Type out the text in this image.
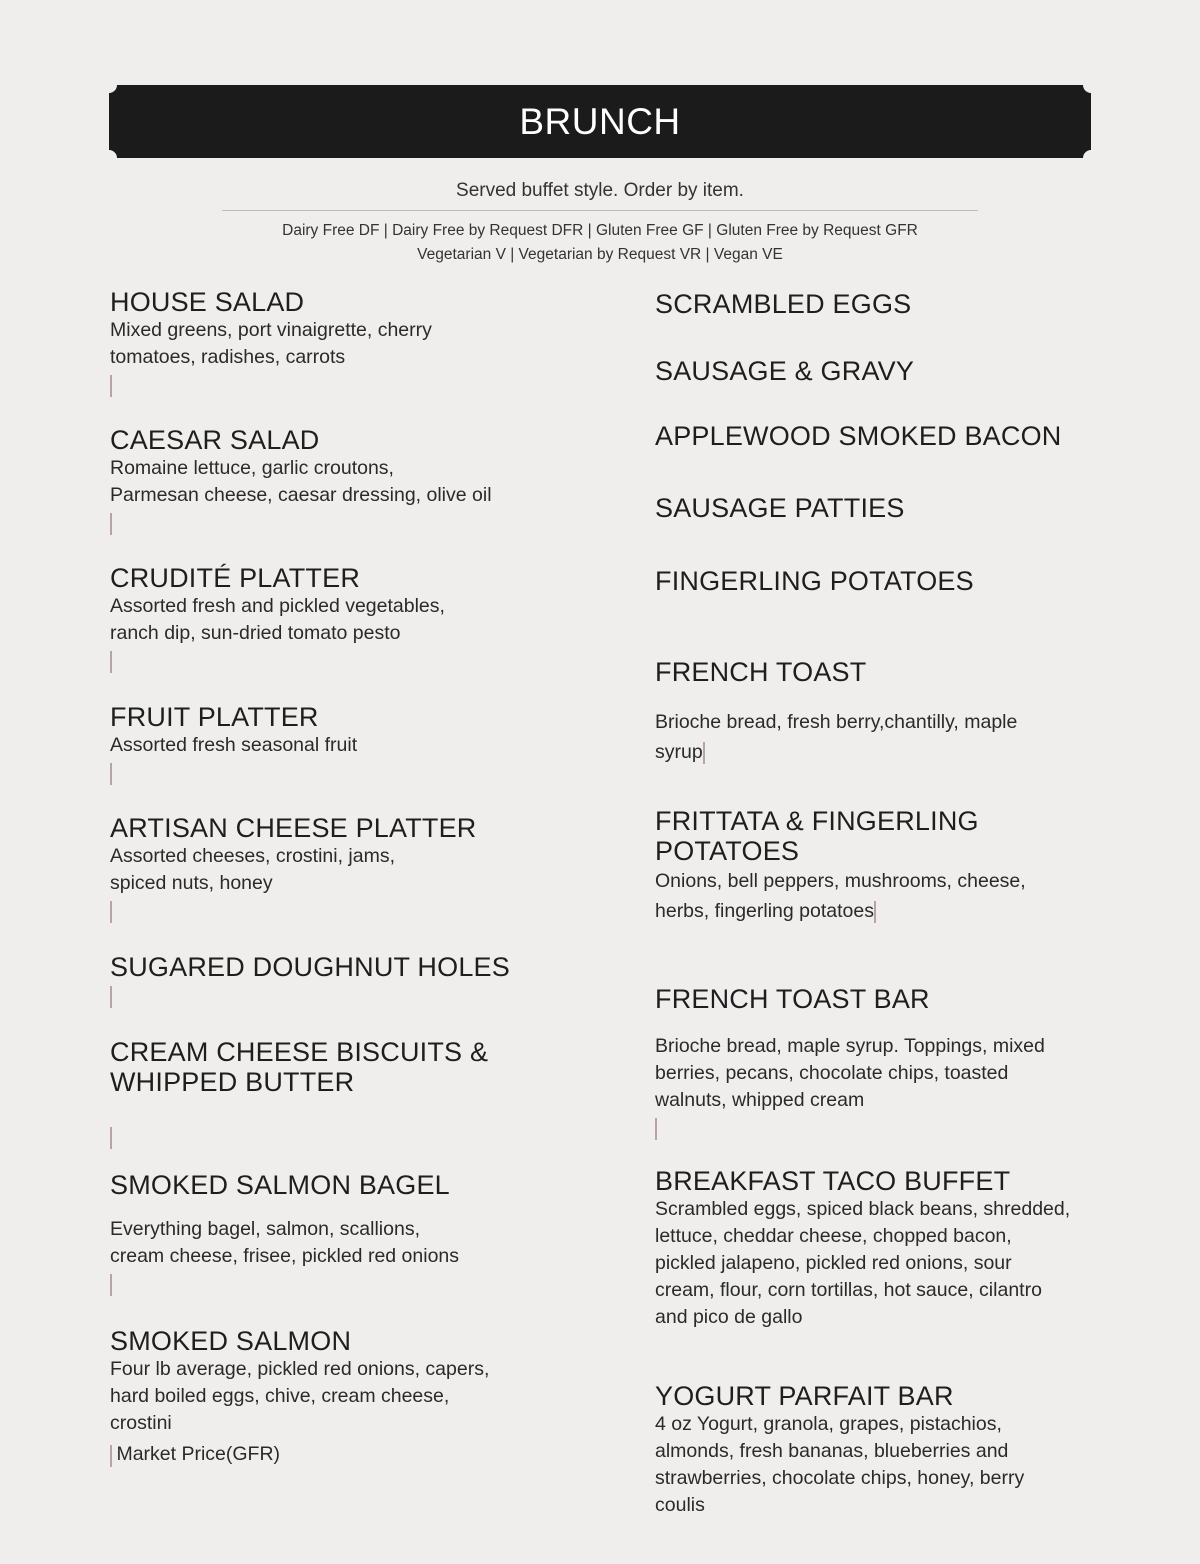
BRUNCH
Served buffet style. Order by item.
Dairy Free DF | Dairy Free by Request DFR | Gluten Free GF | Gluten Free by Request GFR
Vegetarian V | Vegetarian by Request VR | Vegan VE
HOUSE SALAD
Mixed greens, port vinaigrette, cherry
tomatoes, radishes, carrots
CAESAR SALAD
Romaine lettuce, garlic croutons,
Parmesan cheese, caesar dressing, olive oil
CRUDITÉ PLATTER
Assorted fresh and pickled vegetables,
ranch dip, sun-dried tomato pesto
FRUIT PLATTER
Assorted fresh seasonal fruit
ARTISAN CHEESE PLATTER
Assorted cheeses, crostini, jams,
spiced nuts, honey
SUGARED DOUGHNUT HOLES
CREAM CHEESE BISCUITS &
WHIPPED BUTTER
SMOKED SALMON BAGEL
Everything bagel, salmon, scallions,
cream cheese, frisee, pickled red onions
SMOKED SALMON
Four lb average, pickled red onions, capers,
hard boiled eggs, chive, cream cheese,
crostini
Market Price(GFR)
SCRAMBLED EGGS
SAUSAGE & GRAVY
APPLEWOOD SMOKED BACON
SAUSAGE PATTIES
FINGERLING POTATOES
FRENCH TOAST
Brioche bread, fresh berry,chantilly, maple
syrup
FRITTATA & FINGERLING
POTATOES
Onions, bell peppers, mushrooms, cheese,
herbs, fingerling potatoes
FRENCH TOAST BAR
Brioche bread, maple syrup. Toppings, mixed
berries, pecans, chocolate chips, toasted
walnuts, whipped cream
BREAKFAST TACO BUFFET
Scrambled eggs, spiced black beans, shredded,
lettuce, cheddar cheese, chopped bacon,
pickled jalapeno, pickled red onions, sour
cream, flour, corn tortillas, hot sauce, cilantro
and pico de gallo
YOGURT PARFAIT BAR
4 oz Yogurt, granola, grapes, pistachios,
almonds, fresh bananas, blueberries and
strawberries, chocolate chips, honey, berry
coulis
